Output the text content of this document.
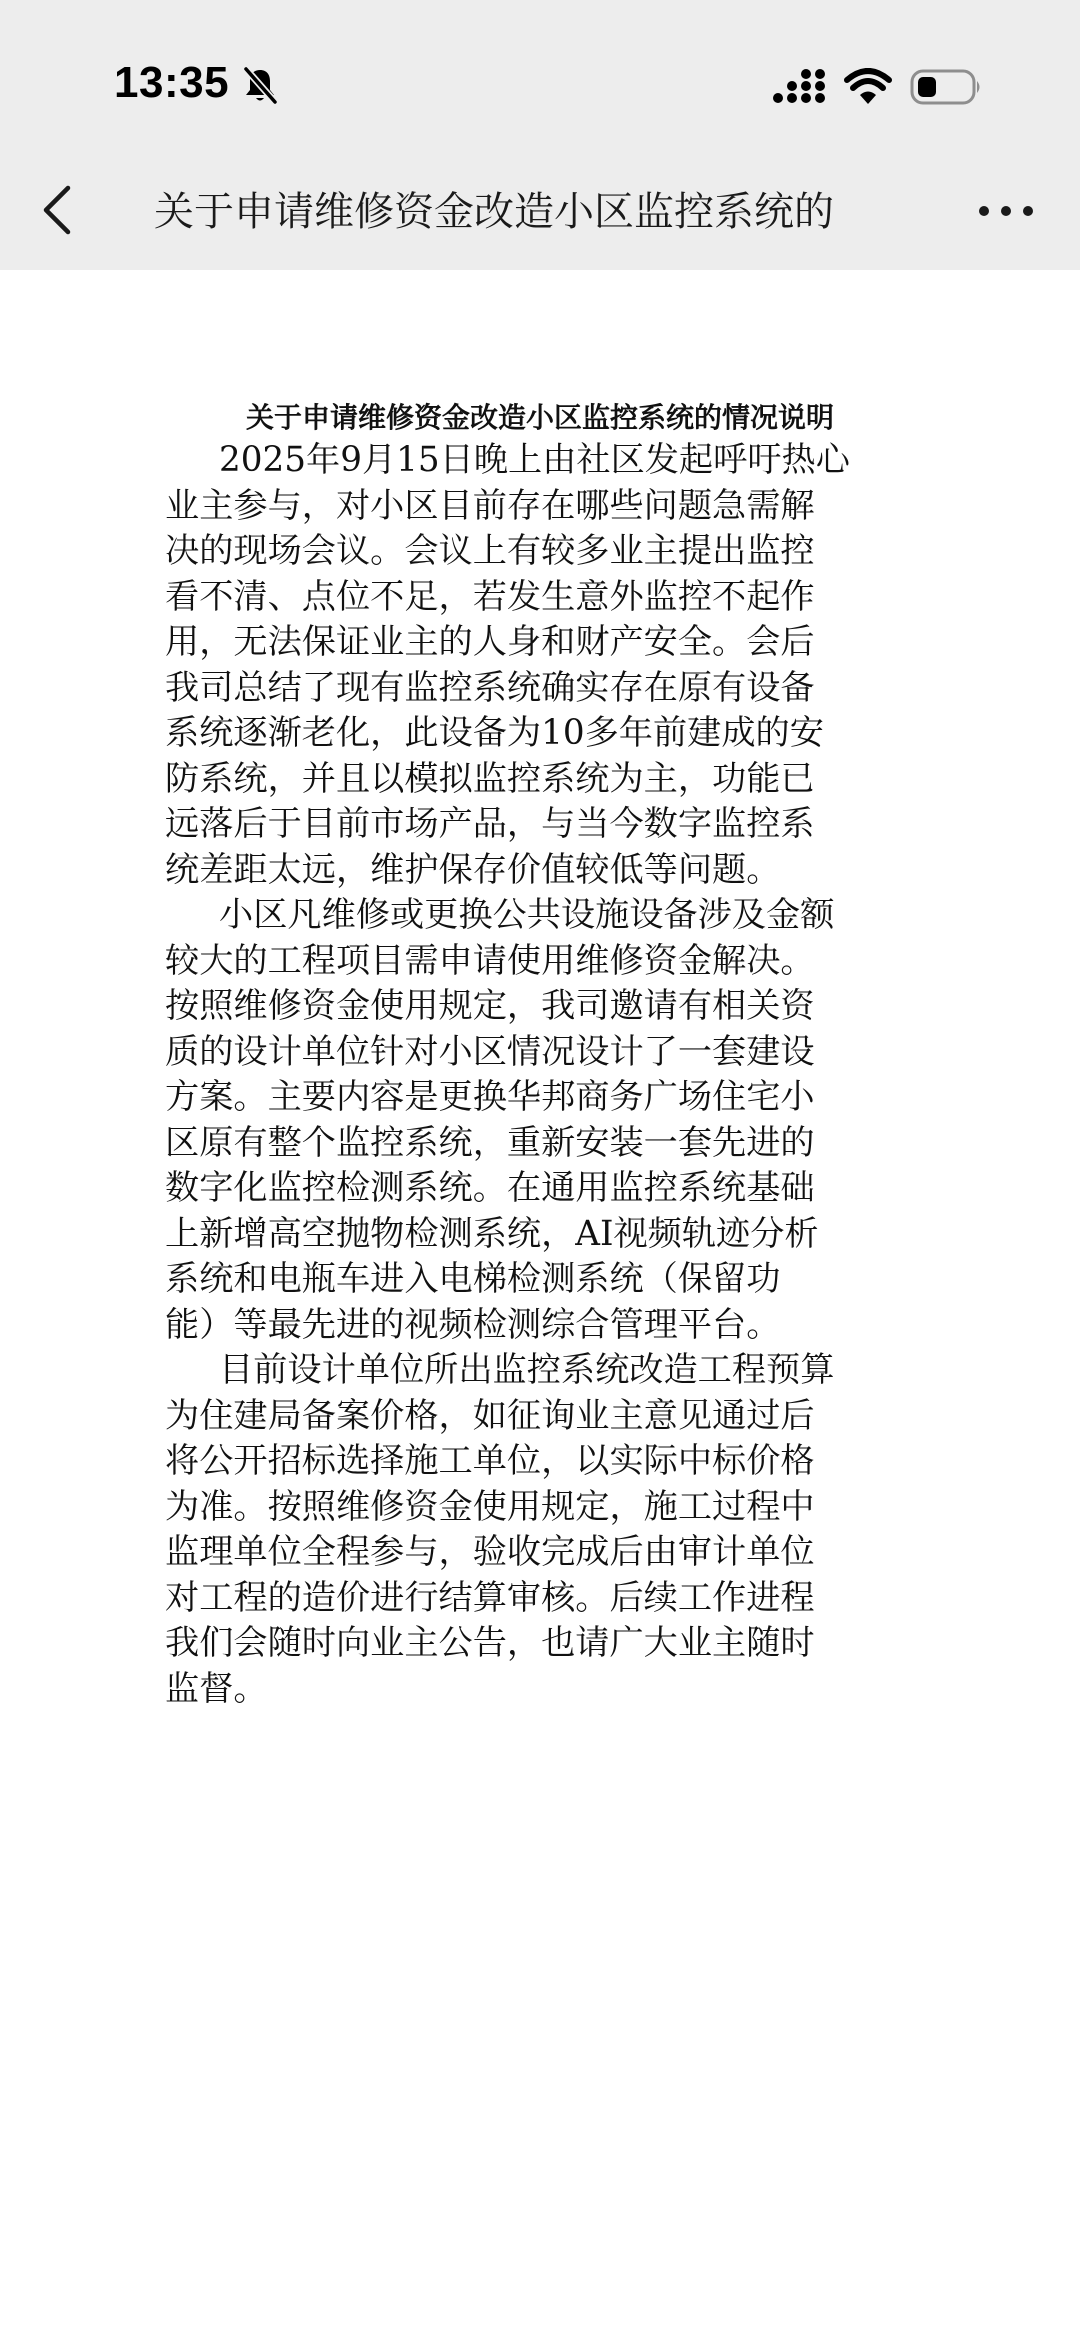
13:35
关于申请维修资金改造小区监控系统的
关于申请维修资金改造小区监控系统的情况说明
2025年9月15日晚上由社区发起呼吁热心
业主参与，对小区目前存在哪些问题急需解
决的现场会议。会议上有较多业主提出监控
看不清、点位不足，若发生意外监控不起作
用，无法保证业主的人身和财产安全。会后
我司总结了现有监控系统确实存在原有设备
系统逐渐老化，此设备为10多年前建成的安
防系统，并且以模拟监控系统为主，功能已
远落后于目前市场产品，与当今数字监控系
统差距太远，维护保存价值较低等问题。
小区凡维修或更换公共设施设备涉及金额
较大的工程项目需申请使用维修资金解决。
按照维修资金使用规定，我司邀请有相关资
质的设计单位针对小区情况设计了一套建设
方案。主要内容是更换华邦商务广场住宅小
区原有整个监控系统，重新安装一套先进的
数字化监控检测系统。在通用监控系统基础
上新增高空抛物检测系统，AI视频轨迹分析
系统和电瓶车进入电梯检测系统（保留功
能）等最先进的视频检测综合管理平台。
目前设计单位所出监控系统改造工程预算
为住建局备案价格，如征询业主意见通过后
将公开招标选择施工单位，以实际中标价格
为准。按照维修资金使用规定，施工过程中
监理单位全程参与，验收完成后由审计单位
对工程的造价进行结算审核。后续工作进程
我们会随时向业主公告，也请广大业主随时
监督。
